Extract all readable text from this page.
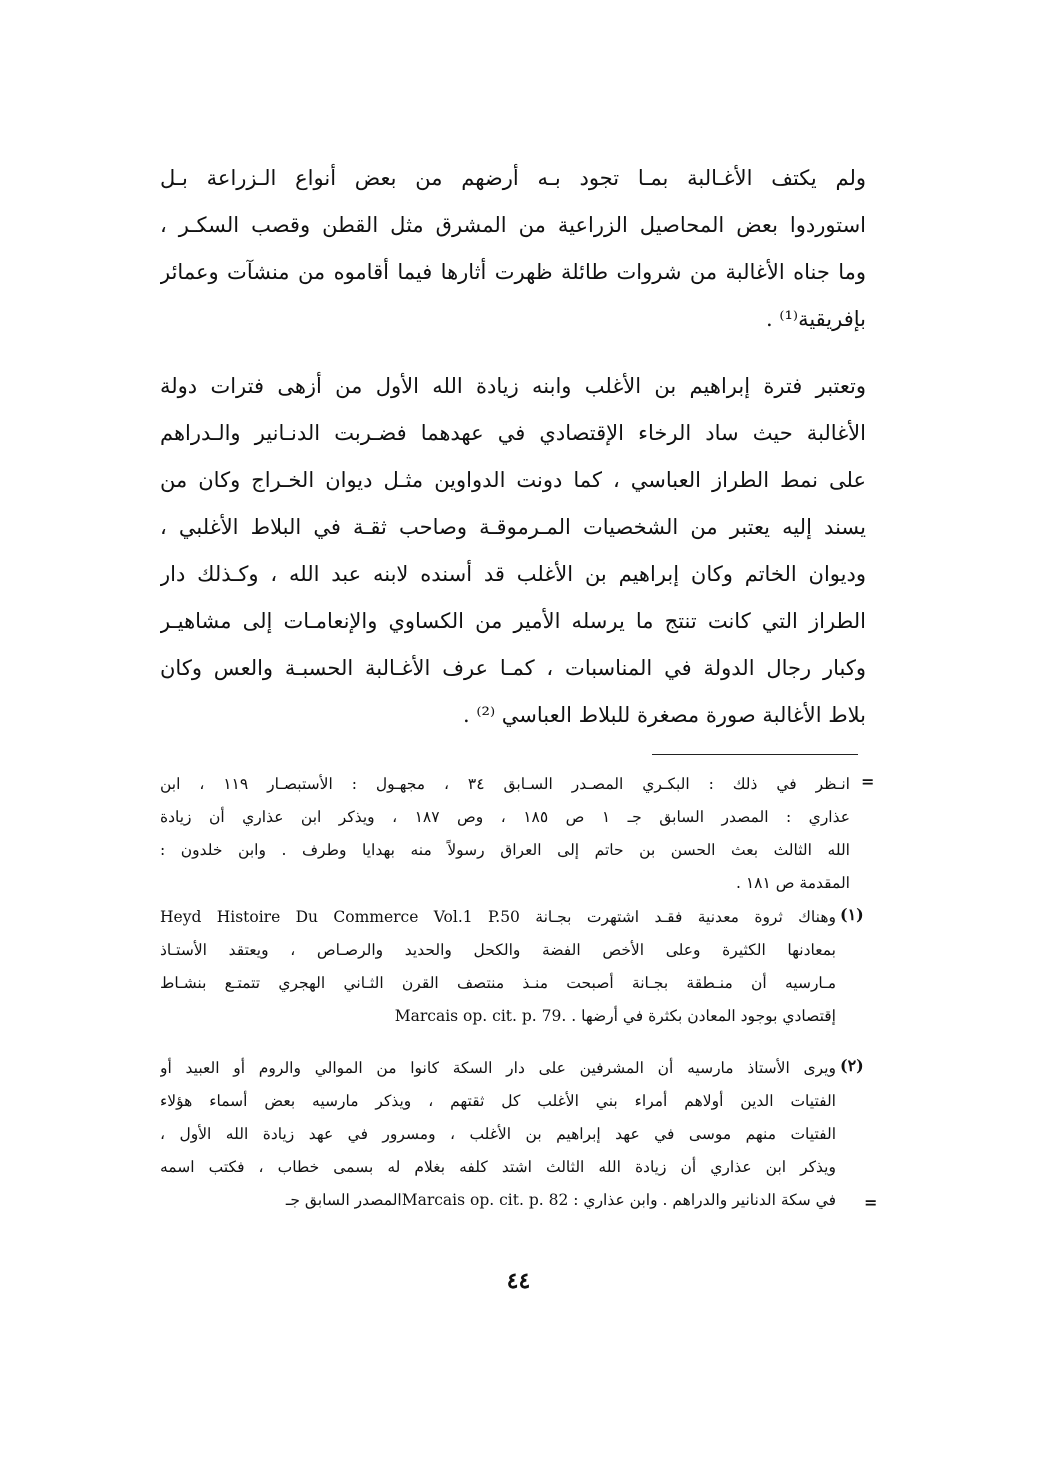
ولم يكتف الأغـالبة بمـا تجود بـه أرضهم من بعض أنواع الـزراعة بـل
استوردوا بعض المحاصيل الزراعية من المشرق مثل القطن وقصب السكـر ،
وما جناه الأغالبة من شروات طائلة ظهرت أثارها فيما أقاموه من منشآت وعمائر
بإفريقية⁽¹⁾ .
وتعتبر فترة إبراهيم بن الأغلب وابنه زيادة الله الأول من أزهى فترات دولة
الأغالبة حيث ساد الرخاء الإقتصادي في عهدهما فضـربت الدنـانير والـدراهم
على نمط الطراز العباسي ، كما دونت الدواوين مثـل ديوان الخـراج وكان من
يسند إليه يعتبر من الشخصيات المـرموقـة وصاحب ثقـة في البلاط الأغلبي ،
وديوان الخاتم وكان إبراهيم بن الأغلب قد أسنده لابنه عبد الله ، وكـذلك دار
الطراز التي كانت تنتج ما يرسله الأمير من الكساوي والإنعامـات إلى مشاهيـر
وكبار رجال الدولة في المناسبات ، كمـا عرف الأغـالبة الحسبـة والعس وكان
بلاط الأغالبة صورة مصغرة للبلاط العباسي ⁽²⁾ .
=
انـظر في ذلك : البكـري المصـدر السـابق ٣٤ ، مجهـول : الأستبصـار ١١٩ ، ابن
عذاري : المصدر السابق جـ ١ ص ١٨٥ ، وص ١٨٧ ، ويذكر ابن عذاري أن زيادة
الله الثالث بعث الحسن بن حاتم إلى العراق رسولاً منه بهدايا وطرف . وابن خلدون :
المقدمة ص ١٨١ .
(١)
وهناك ثروة معدنية فقـد اشتهرت بجـانة Heyd Histoire Du Commerce Vol.1 P.50
بمعادنها الكثيرة وعلى الأخص الفضة والكحل والحديد والرصـاص ، ويعتقد الأستـاذ
مـارسيه أن منـطقة بجـانة أصبحت منـذ منتصف القرن الثـاني الهجري تتمتـع بنشـاط
إقتصادي بوجود المعادن بكثرة في أرضها . .Marcais op. cit. p. 79
(٢)
ويرى الأستاذ مارسيه أن المشرفين على دار السكة كانوا من الموالي والروم أو العبيد أو
الفتيات الدين أولاهم أمراء بني الأغلب كل ثقتهم ، ويذكر مارسيه بعض أسماء هؤلاء
الفتيات منهم موسى في عهد إبراهيم بن الأغلب ، ومسرور في عهد زيادة الله الأول ،
ويذكر ابن عذاري أن زيادة الله الثالث اشتد كلفه بغلام له بسمى خطاب ، فكتب اسمه
في سكة الدنانير والدراهم . وابن عذاري : Marcais op. cit. p. 82المصدر السابق جـ =
٤٤
